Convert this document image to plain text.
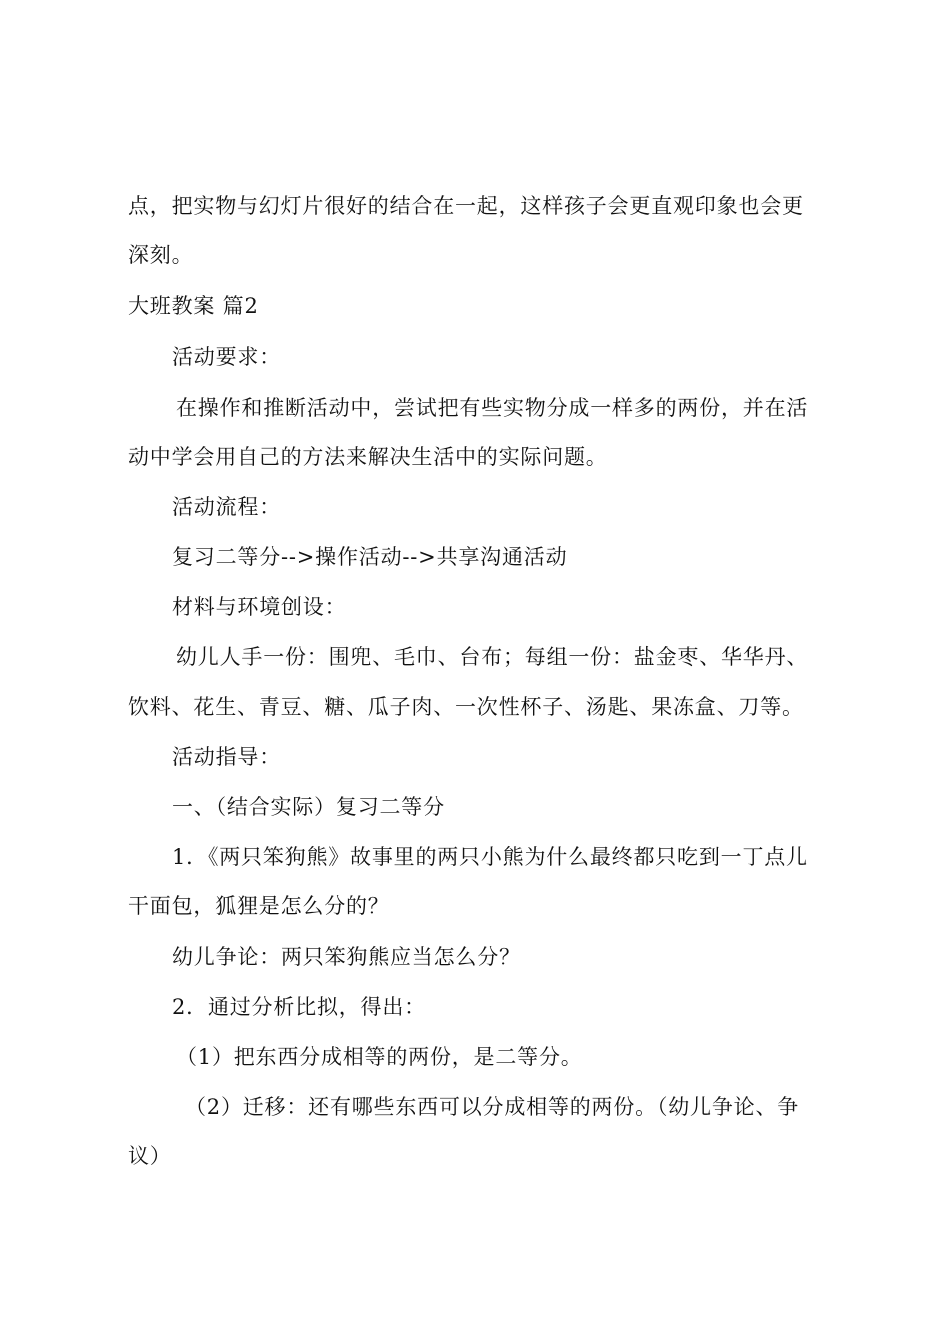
点，把实物与幻灯片很好的结合在一起，这样孩子会更直观印象也会更
深刻。
大班教案 篇2
活动要求：
在操作和推断活动中，尝试把有些实物分成一样多的两份，并在活
动中学会用自己的方法来解决生活中的实际问题。
活动流程：
复习二等分-->操作活动-->共享沟通活动
材料与环境创设：
幼儿人手一份：围兜、毛巾、台布；每组一份：盐金枣、华华丹、
饮料、花生、青豆、糖、瓜子肉、一次性杯子、汤匙、果冻盒、刀等。
活动指导：
一、（结合实际）复习二等分
1．《两只笨狗熊》故事里的两只小熊为什么最终都只吃到一丁点儿
干面包，狐狸是怎么分的？
幼儿争论：两只笨狗熊应当怎么分？
2．通过分析比拟，得出：
（1）把东西分成相等的两份，是二等分。
（2）迁移：还有哪些东西可以分成相等的两份。（幼儿争论、争
议）
